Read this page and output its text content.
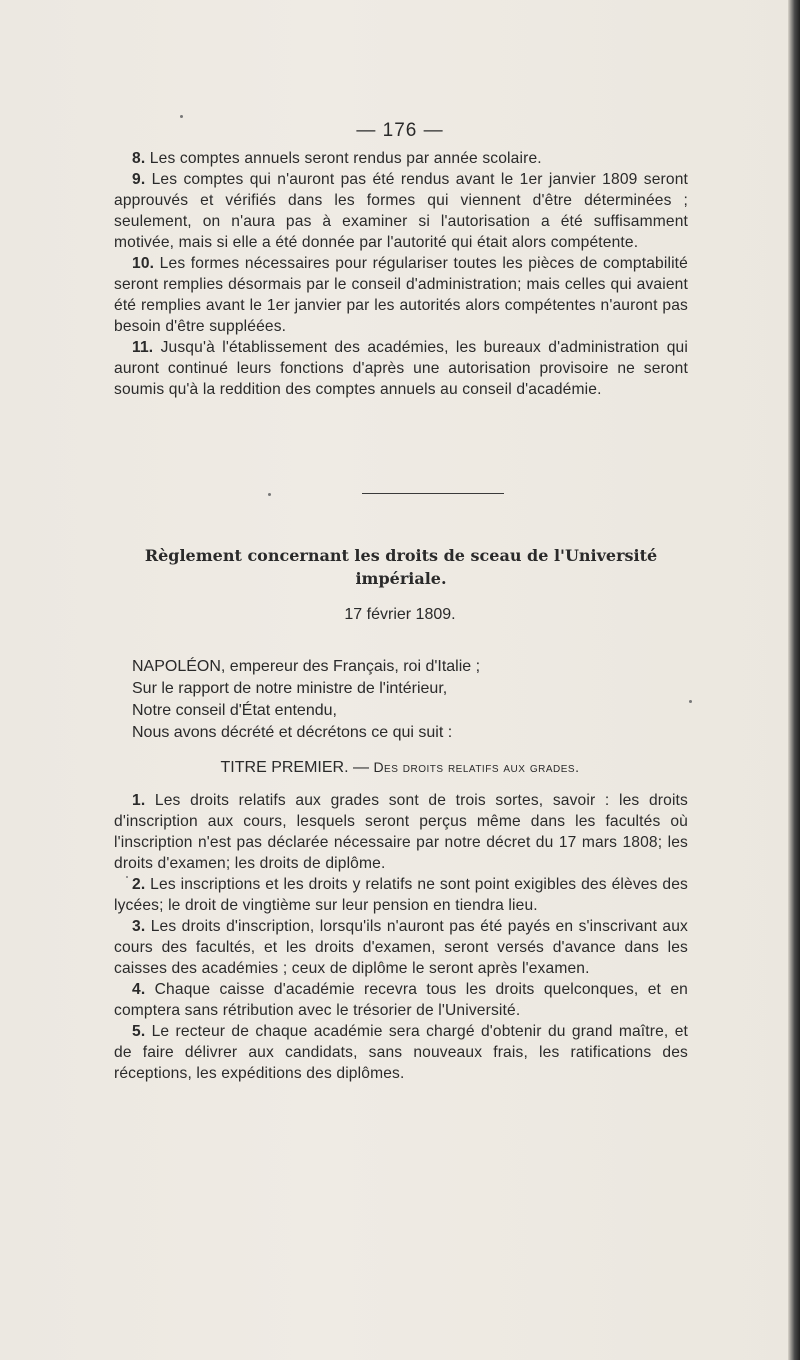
— 176 —

8. Les comptes annuels seront rendus par année scolaire.

9. Les comptes qui n'auront pas été rendus avant le 1er janvier 1809 seront approuvés et vérifiés dans les formes qui viennent d'être déterminées ; seulement, on n'aura pas à examiner si l'autorisation a été suffisamment motivée, mais si elle a été donnée par l'autorité qui était alors compétente.

10. Les formes nécessaires pour régulariser toutes les pièces de comptabilité seront remplies désormais par le conseil d'administration; mais celles qui avaient été remplies avant le 1er janvier par les autorités alors compétentes n'auront pas besoin d'être suppléées.

11. Jusqu'à l'établissement des académies, les bureaux d'administration qui auront continué leurs fonctions d'après une autorisation provisoire ne seront soumis qu'à la reddition des comptes annuels au conseil d'académie.

Règlement concernant les droits de sceau de l'Université impériale.
17 février 1809.
NAPOLÉON, empereur des Français, roi d'Italie ;
Sur le rapport de notre ministre de l'intérieur,
Notre conseil d'État entendu,
Nous avons décrété et décrétons ce qui suit :
TITRE PREMIER. — Des droits relatifs aux grades.

1. Les droits relatifs aux grades sont de trois sortes, savoir : les droits d'inscription aux cours, lesquels seront perçus même dans les facultés où l'inscription n'est pas déclarée nécessaire par notre décret du 17 mars 1808; les droits d'examen; les droits de diplôme.

2. Les inscriptions et les droits y relatifs ne sont point exigibles des élèves des lycées; le droit de vingtième sur leur pension en tiendra lieu.

3. Les droits d'inscription, lorsqu'ils n'auront pas été payés en s'inscrivant aux cours des facultés, et les droits d'examen, seront versés d'avance dans les caisses des académies ; ceux de diplôme le seront après l'examen.

4. Chaque caisse d'académie recevra tous les droits quelconques, et en comptera sans rétribution avec le trésorier de l'Université.

5. Le recteur de chaque académie sera chargé d'obtenir du grand maître, et de faire délivrer aux candidats, sans nouveaux frais, les ratifications des réceptions, les expéditions des diplômes.
